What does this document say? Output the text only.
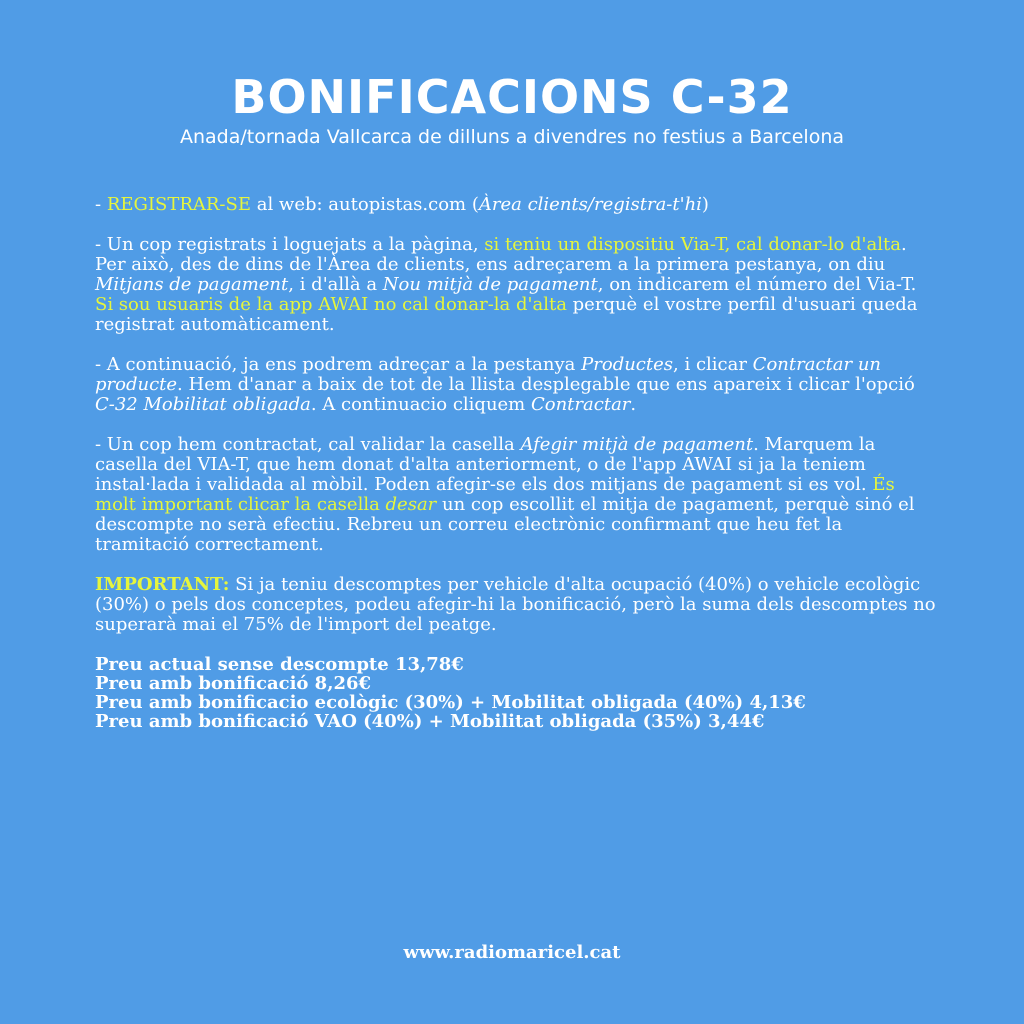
BONIFICACIONS C-32
Anada/tornada Vallcarca de dilluns a divendres no festius a Barcelona

- REGISTRAR-SE al web: autopistas.com (Àrea clients/registra-t'hi)

- Un cop registrats i loguejats a la pàgina, si teniu un dispositiu Via-T, cal donar-lo d'alta. Per això, des de dins de l'Àrea de clients, ens adreçarem a la primera pestanya, on diu Mitjans de pagament, i d'allà a Nou mitjà de pagament, on indicarem el número del Via-T. Si sou usuaris de la app AWAI no cal donar-la d'alta perquè el vostre perfil d'usuari queda registrat automàticament.

- A continuació, ja ens podrem adreçar a la pestanya Productes, i clicar Contractar un producte. Hem d'anar a baix de tot de la llista desplegable que ens apareix i clicar l'opció C-32 Mobilitat obligada. A continuacio cliquem Contractar.

- Un cop hem contractat, cal validar la casella Afegir mitjà de pagament. Marquem la casella del VIA-T, que hem donat d'alta anteriorment, o de l'app AWAI si ja la teniem instal·lada i validada al mòbil. Poden afegir-se els dos mitjans de pagament si es vol. És molt important clicar la casella desar un cop escollit el mitja de pagament, perquè sinó el descompte no serà efectiu. Rebreu un correu electrònic confirmant que heu fet la tramitació correctament.

IMPORTANT: Si ja teniu descomptes per vehicle d'alta ocupació (40%) o vehicle ecològic (30%) o pels dos conceptes, podeu afegir-hi la bonificació, però la suma dels descomptes no superarà mai el 75% de l'import del peatge.

Preu actual sense descompte 13,78€
Preu amb bonificació 8,26€
Preu amb bonificacio ecològic (30%) + Mobilitat obligada (40%) 4,13€
Preu amb bonificació VAO (40%) + Mobilitat obligada (35%) 3,44€
www.radiomaricel.cat
